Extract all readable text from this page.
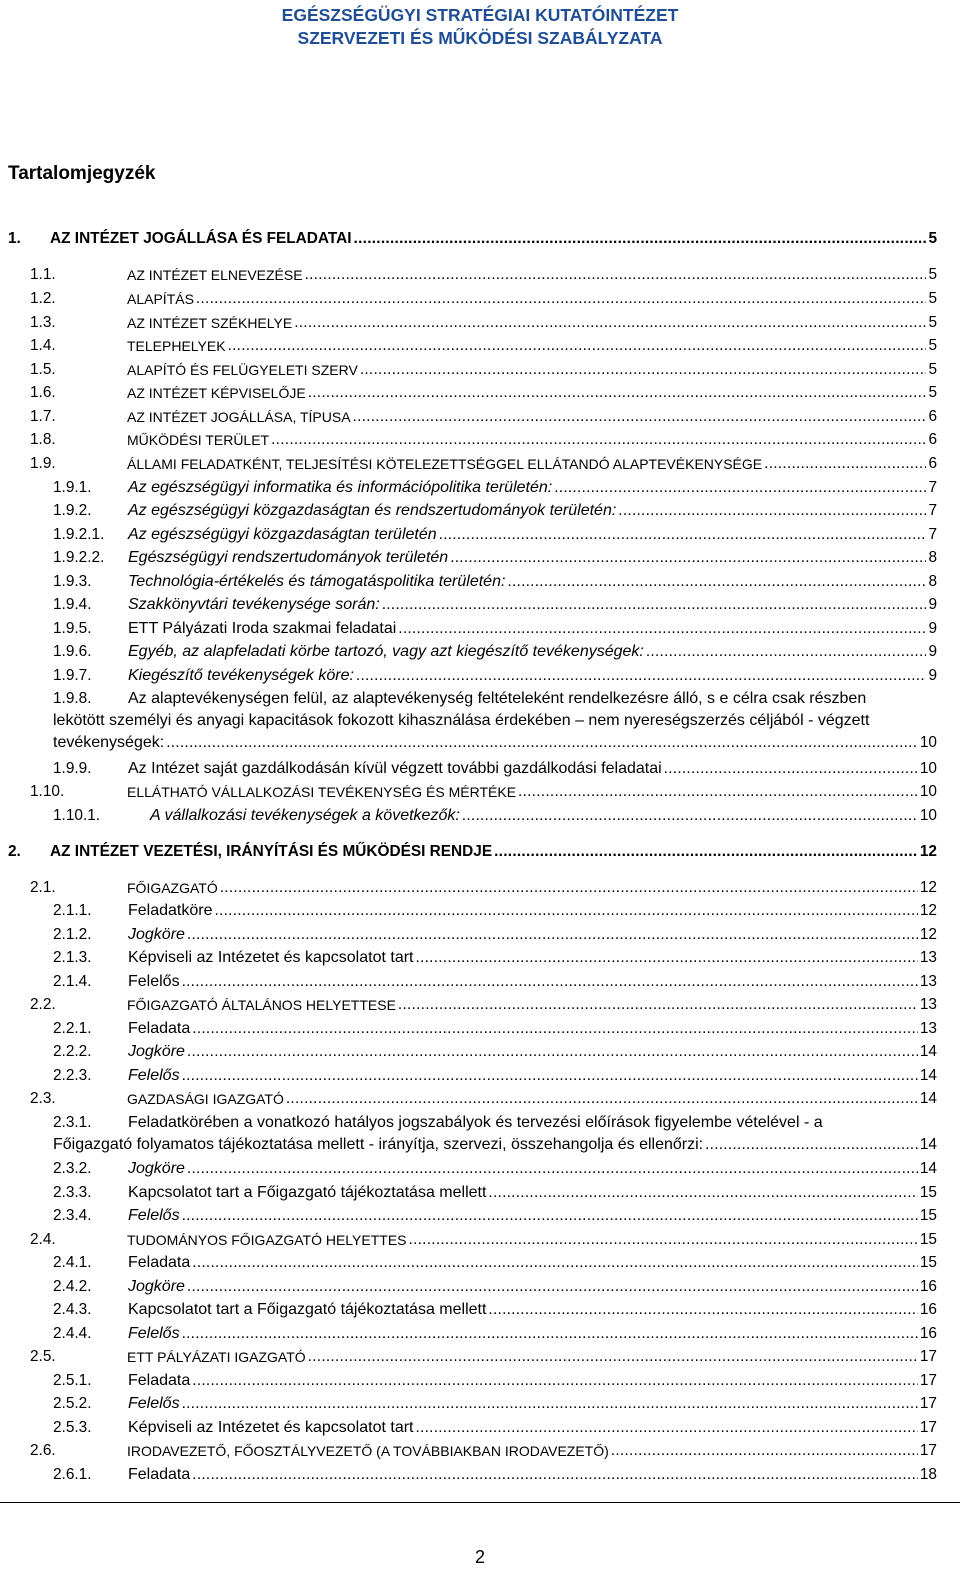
EGÉSZSÉGÜGYI STRATÉGIAI KUTATÓINTÉZET
SZERVEZETI ÉS MŰKÖDÉSI SZABÁLYZATA
Tartalomjegyzék
1.	AZ INTÉZET JOGÁLLÁSA ÉS FELADATAI . . .	5
1.1.	AZ INTÉZET ELNEVEZÉSE . . .	5
1.2.	ALAPÍTÁS . . .	5
1.3.	AZ INTÉZET SZÉKHELYE . . .	5
1.4.	TELEPHELYEK . . .	5
1.5.	ALAPÍTÓ ÉS FELÜGYELETI SZERV . . .	5
1.6.	AZ INTÉZET KÉPVISELŐJE . . .	5
1.7.	AZ INTÉZET JOGÁLLÁSA, TÍPUSA . . .	6
1.8.	MŰKÖDÉSI TERÜLET . . .	6
1.9.	ÁLLAMI FELADATKÉNT, TELJESÍTÉSI KÖTELEZETTSÉGGEL ELLÁTANDÓ ALAPTEVÉKENYSÉGE . . .	6
1.9.1.	Az egészségügyi informatika és információpolitika területén: . . .	7
1.9.2.	Az egészségügyi közgazdaságtan és rendszertudományok területén: . . .	7
1.9.2.1.	Az egészségügyi közgazdaságtan területén . . .	7
1.9.2.2.	Egészségügyi rendszertudományok területén . . .	8
1.9.3.	Technológia-értékelés és támogatáspolitika területén: . . .	8
1.9.4.	Szakkönyvtári tevékenysége során: . . .	9
1.9.5.	ETT Pályázati Iroda szakmai feladatai . . .	9
1.9.6.	Egyéb, az alapfeladati körbe tartozó, vagy azt kiegészítő tevékenységek: . . .	9
1.9.7.	Kiegészítő tevékenységek köre: . . .	9
1.9.8.	Az alaptevékenységen felül, az alaptevékenység feltételeként rendelkezésre álló, s e célra csak részben
lekötött személyi és anyagi kapacitások fokozott kihasználása érdekében – nem nyereségszerzés céljából - végzett
tevékenységek: . . .	10
1.9.9.	Az Intézet saját gazdálkodásán kívül végzett további gazdálkodási feladatai . . .	10
1.10.	ELLÁTHATÓ VÁLLALKOZÁSI TEVÉKENYSÉG ÉS MÉRTÉKE . . .	10
1.10.1.	A vállalkozási tevékenységek a következők: . . .	10
2.	AZ INTÉZET VEZETÉSI, IRÁNYÍTÁSI ÉS MŰKÖDÉSI RENDJE . . .	12
2.1.	FŐIGAZGATÓ . . .	12
2.1.1.	Feladatköre . . .	12
2.1.2.	Jogköre . . .	12
2.1.3.	Képviseli az Intézetet és kapcsolatot tart . . .	13
2.1.4.	Felelős . . .	13
2.2.	FŐIGAZGATÓ ÁLTALÁNOS HELYETTESE . . .	13
2.2.1.	Feladata . . .	13
2.2.2.	Jogköre . . .	14
2.2.3.	Felelős . . .	14
2.3.	GAZDASÁGI IGAZGATÓ . . .	14
2.3.1.	Feladatkörében a vonatkozó hatályos jogszabályok és tervezési előírások figyelembe vételével - a
Főigazgató folyamatos tájékoztatása mellett - irányítja, szervezi, összehangolja és ellenőrzi: . . .	14
2.3.2.	Jogköre . . .	14
2.3.3.	Kapcsolatot tart a Főigazgató tájékoztatása mellett . . .	15
2.3.4.	Felelős . . .	15
2.4.	TUDOMÁNYOS FŐIGAZGATÓ HELYETTES . . .	15
2.4.1.	Feladata . . .	15
2.4.2.	Jogköre . . .	16
2.4.3.	Kapcsolatot tart a Főigazgató tájékoztatása mellett . . .	16
2.4.4.	Felelős . . .	16
2.5.	ETT PÁLYÁZATI IGAZGATÓ . . .	17
2.5.1.	Feladata . . .	17
2.5.2.	Felelős . . .	17
2.5.3.	Képviseli az Intézetet és kapcsolatot tart . . .	17
2.6.	IRODAVEZETŐ, FŐOSZTÁLYVEZETŐ (A TOVÁBBIAKBAN IRODAVEZETŐ) . . .	17
2.6.1.	Feladata . . .	18
2
